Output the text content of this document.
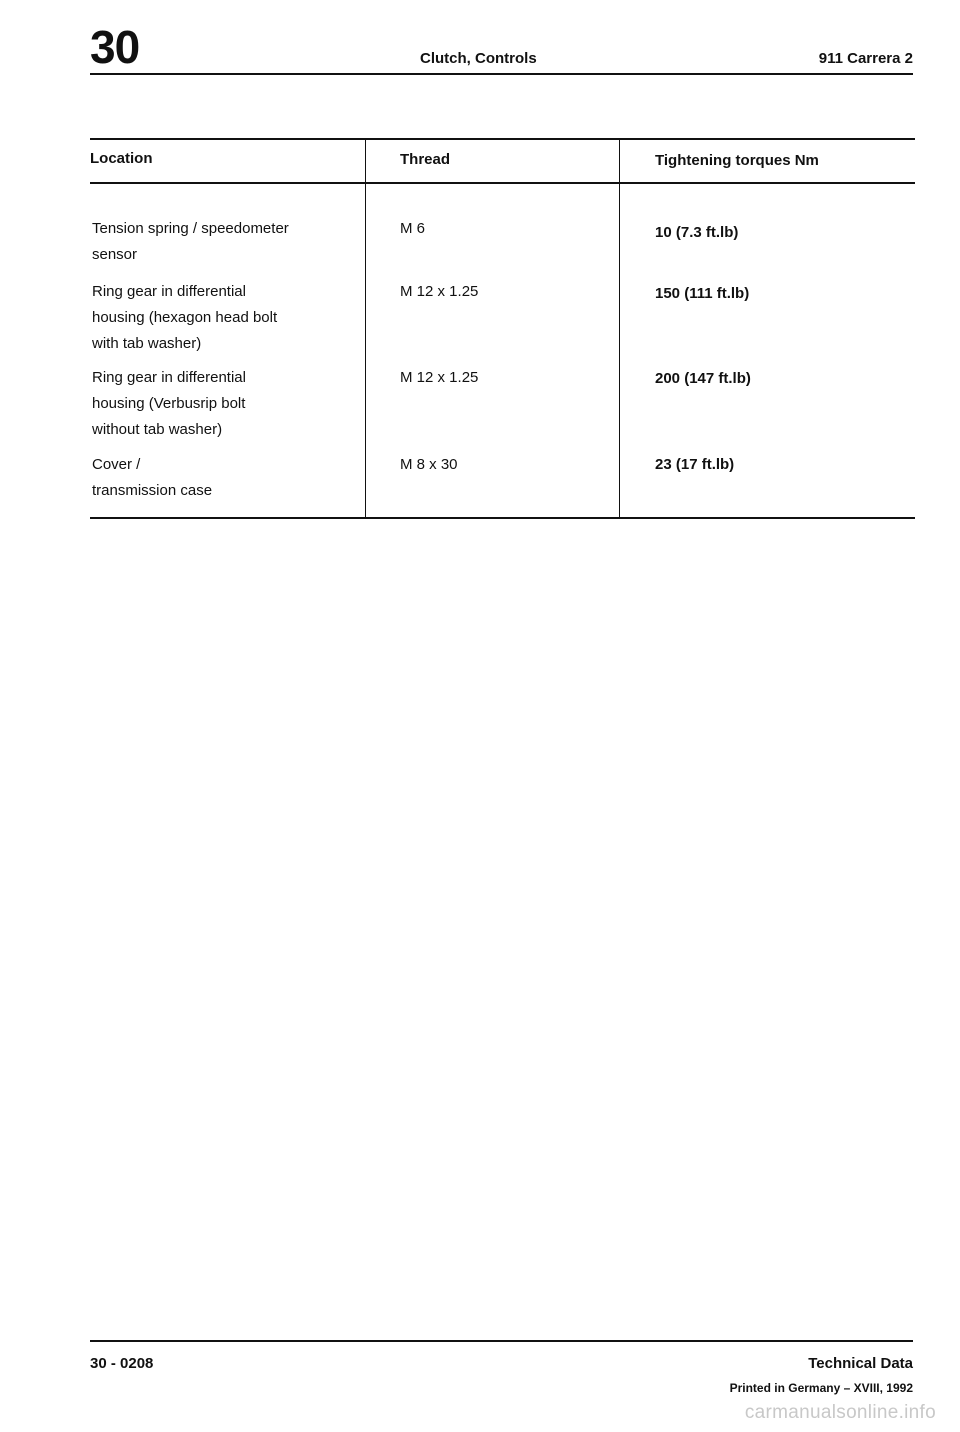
30	Clutch, Controls	911 Carrera 2
Location	Thread	Tightening torques Nm
Tension spring / speedometer
sensor
M 6	10 (7.3 ft.lb)
Ring gear in differential
housing (hexagon head bolt
with tab washer)
M 12 x 1.25	150 (111 ft.lb)
Ring gear in differential
housing (Verbusrip bolt
without tab washer)
M 12 x 1.25	200 (147 ft.lb)
Cover /
transmission case
M 8 x 30	23 (17 ft.lb)
30 - 0208	Technical Data
Printed in Germany – XVIII, 1992
carmanualsonline.info
